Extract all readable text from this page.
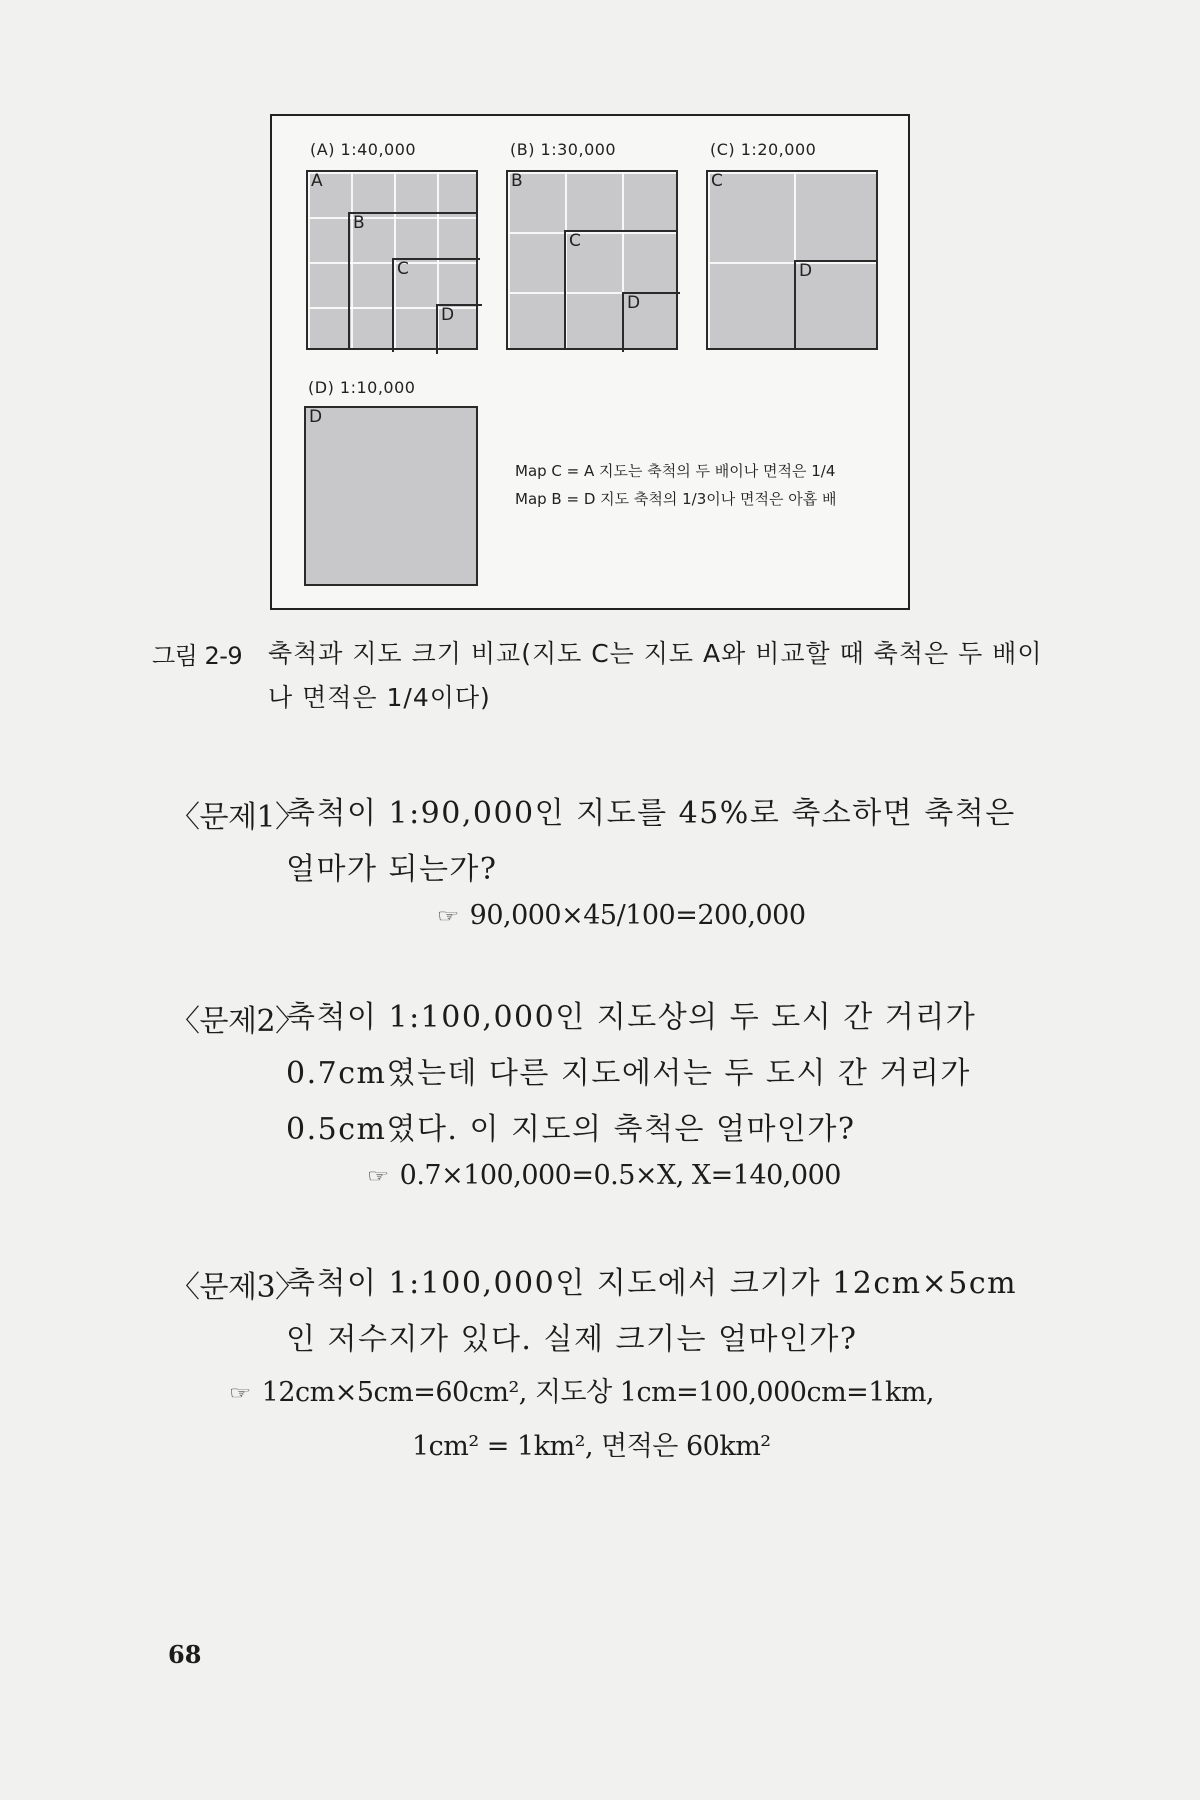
(A) 1:40,000
A
B
C
D
(B) 1:30,000
B
C
D
(C) 1:20,000
C
D
(D) 1:10,000
D
Map C = A 지도는 축척의 두 배이나 면적은 1/4
Map B = D 지도 축척의 1/3이나 면적은 아홉 배
그림 2-9 축척과 지도 크기 비교(지도 C는 지도 A와 비교할 때 축척은 두 배이나 면적은 1/4이다)
〈문제1〉
축척이 1:90,000인 지도를 45%로 축소하면 축척은 얼마가 되는가?
☞ 90,000×45/100=200,000
〈문제2〉
축척이 1:100,000인 지도상의 두 도시 간 거리가 0.7cm였는데 다른 지도에서는 두 도시 간 거리가 0.5cm였다. 이 지도의 축척은 얼마인가?
☞ 0.7×100,000=0.5×X, X=140,000
〈문제3〉
축척이 1:100,000인 지도에서 크기가 12cm×5cm인 저수지가 있다. 실제 크기는 얼마인가?
☞ 12cm×5cm=60cm², 지도상 1cm=100,000cm=1km,
1cm² = 1km², 면적은 60km²
68
